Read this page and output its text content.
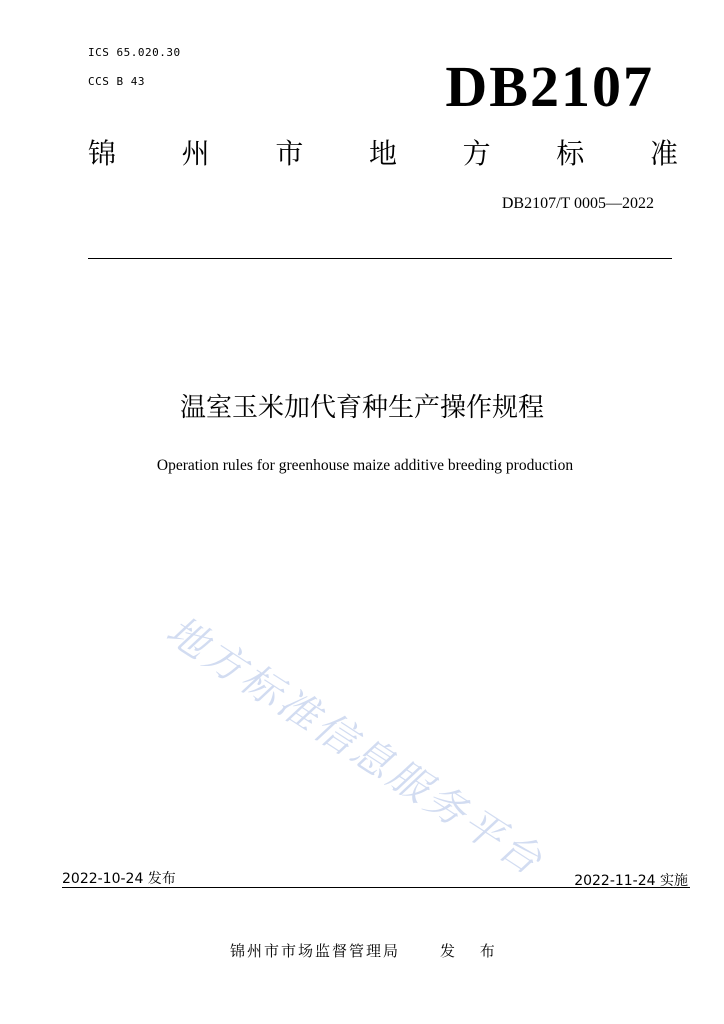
ICS 65.020.30
CCS B 43	DB2107
锦 州 市 地 方 标 准
DB2107/T 0005—2022
温室玉米加代育种生产操作规程
Operation rules for greenhouse maize additive breeding production
地方标准信息服务平台
2022-10-24 发布	2022-11-24 实施
锦州市市场监督管理局	发 布
